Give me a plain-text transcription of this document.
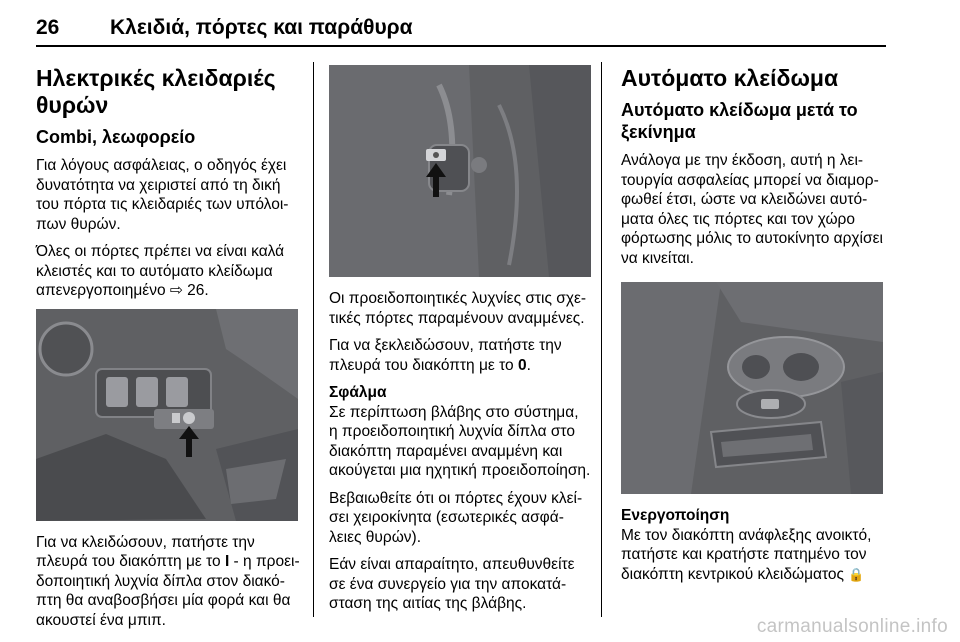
26 Κλειδιά, πόρτες και παράθυρα
Ηλεκτρικές κλειδαριές θυρών
Combi, λεωφορείο

Για λόγους ασφάλειας, ο οδηγός έχει δυνατότητα να χειριστεί από τη δική του πόρτα τις κλειδαριές των υπόλοιπων θυρών.

Όλες οι πόρτες πρέπει να είναι καλά κλειστές και το αυτόματο κλείδωμα απενεργοποιημένο ⇨ 26.

Για να κλειδώσουν, πατήστε την πλευρά του διακόπτη με το I - η προειδοποιητική λυχνία δίπλα στον διακόπτη θα αναβοσβήσει μία φορά και θα ακουστεί ένα μπιπ.

Οι προειδοποιητικές λυχνίες στις σχετικές πόρτες παραμένουν αναμμένες.

Για να ξεκλειδώσουν, πατήστε την πλευρά του διακόπτη με το 0.

Σφάλμα

Σε περίπτωση βλάβης στο σύστημα, η προειδοποιητική λυχνία δίπλα στο διακόπτη παραμένει αναμμένη και ακούγεται μια ηχητική προειδοποίηση.

Βεβαιωθείτε ότι οι πόρτες έχουν κλείσει χειροκίνητα (εσωτερικές ασφάλειες θυρών).

Εάν είναι απαραίτητο, απευθυνθείτε σε ένα συνεργείο για την αποκατάσταση της αιτίας της βλάβης.

Αυτόματο κλείδωμα
Αυτόματο κλείδωμα μετά το ξεκίνημα

Ανάλογα με την έκδοση, αυτή η λειτουργία ασφαλείας μπορεί να διαμορφωθεί έτσι, ώστε να κλειδώνει αυτόματα όλες τις πόρτες και τον χώρο φόρτωσης μόλις το αυτοκίνητο αρχίσει να κινείται.

Ενεργοποίηση

Με τον διακόπτη ανάφλεξης ανοικτό, πατήστε και κρατήστε πατημένο τον διακόπτη κεντρικού κλειδώματος 🔒

carmanualsonline.info
